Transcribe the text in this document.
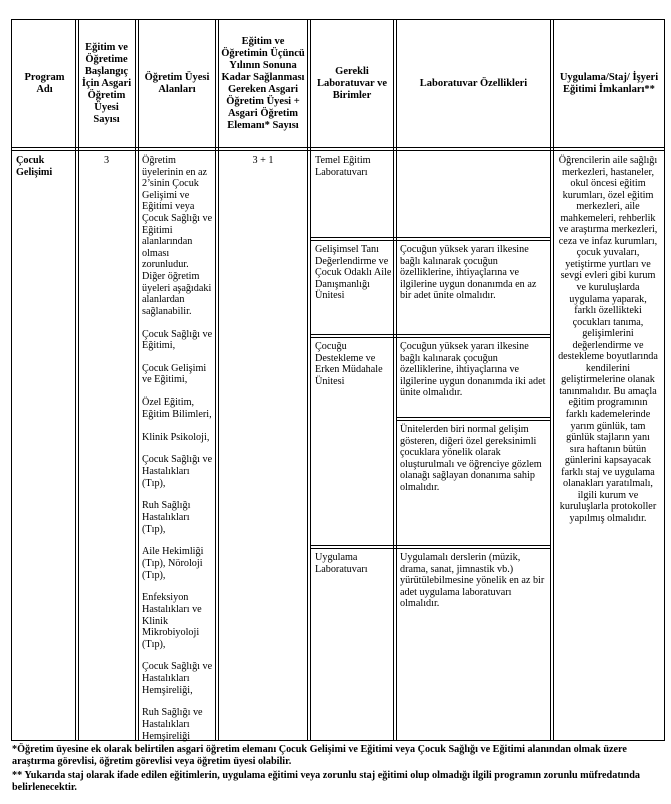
Program Adı
Eğitim ve Öğretime Başlangıç İçin Asgari Öğretim Üyesi Sayısı
Öğretim Üyesi Alanları
Eğitim ve Öğretimin Üçüncü Yılının Sonuna Kadar Sağlanması Gereken Asgari Öğretim Üyesi + Asgari Öğretim Elemanı* Sayısı
Gerekli Laboratuvar ve Birimler
Laboratuvar Özellikleri
Uygulama/Staj/ İşyeri Eğitimi İmkanları**
Çocuk Gelişimi
3	Öğretim üyelerinin en az 2’sinin Çocuk Gelişimi ve Eğitimi veya Çocuk Sağlığı ve Eğitimi alanlarından olması zorunludur. Diğer öğretim üyeleri aşağıdaki alanlardan sağlanabilir.

Çocuk Sağlığı ve Eğitimi,

Çocuk Gelişimi ve Eğitimi,

Özel Eğitim, Eğitim Bilimleri,

Klinik Psikoloji,

Çocuk Sağlığı ve Hastalıkları (Tıp),

Ruh Sağlığı Hastalıkları (Tıp),

Aile Hekimliği (Tıp), Nöroloji (Tıp),

Enfeksiyon Hastalıkları ve Klinik Mikrobiyoloji (Tıp),

Çocuk Sağlığı ve Hastalıkları Hemşireliği,

Ruh Sağlığı ve Hastalıkları Hemşireliği

3 + 1	Temel Eğitim Laboratuvarı
Gelişimsel Tanı Değerlendirme ve Çocuk Odaklı Aile Danışmanlığı Ünitesi
Çocuğun yüksek yararı ilkesine bağlı kalınarak çocuğun özelliklerine, ihtiyaçlarına ve ilgilerine uygun donanımda en az bir adet ünite olmalıdır.
Çocuğu Destekleme ve Erken Müdahale Ünitesi
Çocuğun yüksek yararı ilkesine bağlı kalınarak çocuğun özelliklerine, ihtiyaçlarına ve ilgilerine uygun donanımda iki adet ünite olmalıdır.
Ünitelerden biri normal gelişim gösteren, diğeri özel gereksinimli çocuklara yönelik olarak oluşturulmalı ve öğrenciye gözlem olanağı sağlayan donanıma sahip olmalıdır.
Uygulama Laboratuvarı
Uygulamalı derslerin (müzik, drama, sanat, jimnastik vb.) yürütülebilmesine yönelik en az bir adet uygulama laboratuvarı olmalıdır.
Öğrencilerin aile sağlığı merkezleri, hastaneler, okul öncesi eğitim kurumları, özel eğitim merkezleri, aile mahkemeleri, rehberlik ve araştırma merkezleri, ceza ve infaz kurumları, çocuk yuvaları, yetiştirme yurtları ve sevgi evleri gibi kurum ve kuruluşlarda uygulama yaparak, farklı özellikteki çocukları tanıma, gelişimlerini değerlendirme ve destekleme boyutlarında kendilerini geliştirmelerine olanak tanınmalıdır. Bu amaçla eğitim programının farklı kademelerinde yarım günlük, tam günlük stajların yanı sıra haftanın bütün günlerini kapsayacak farklı staj ve uygulama olanakları yaratılmalı, ilgili kurum ve kuruluşlarla protokoller yapılmış olmalıdır.
*Öğretim üyesine ek olarak belirtilen asgari öğretim elemanı Çocuk Gelişimi ve Eğitimi veya Çocuk Sağlığı ve Eğitimi alanından olmak üzere araştırma görevlisi, öğretim görevlisi veya öğretim üyesi olabilir.
** Yukarıda staj olarak ifade edilen eğitimlerin, uygulama eğitimi veya zorunlu staj eğitimi olup olmadığı ilgili programın zorunlu müfredatında belirlenecektir.
